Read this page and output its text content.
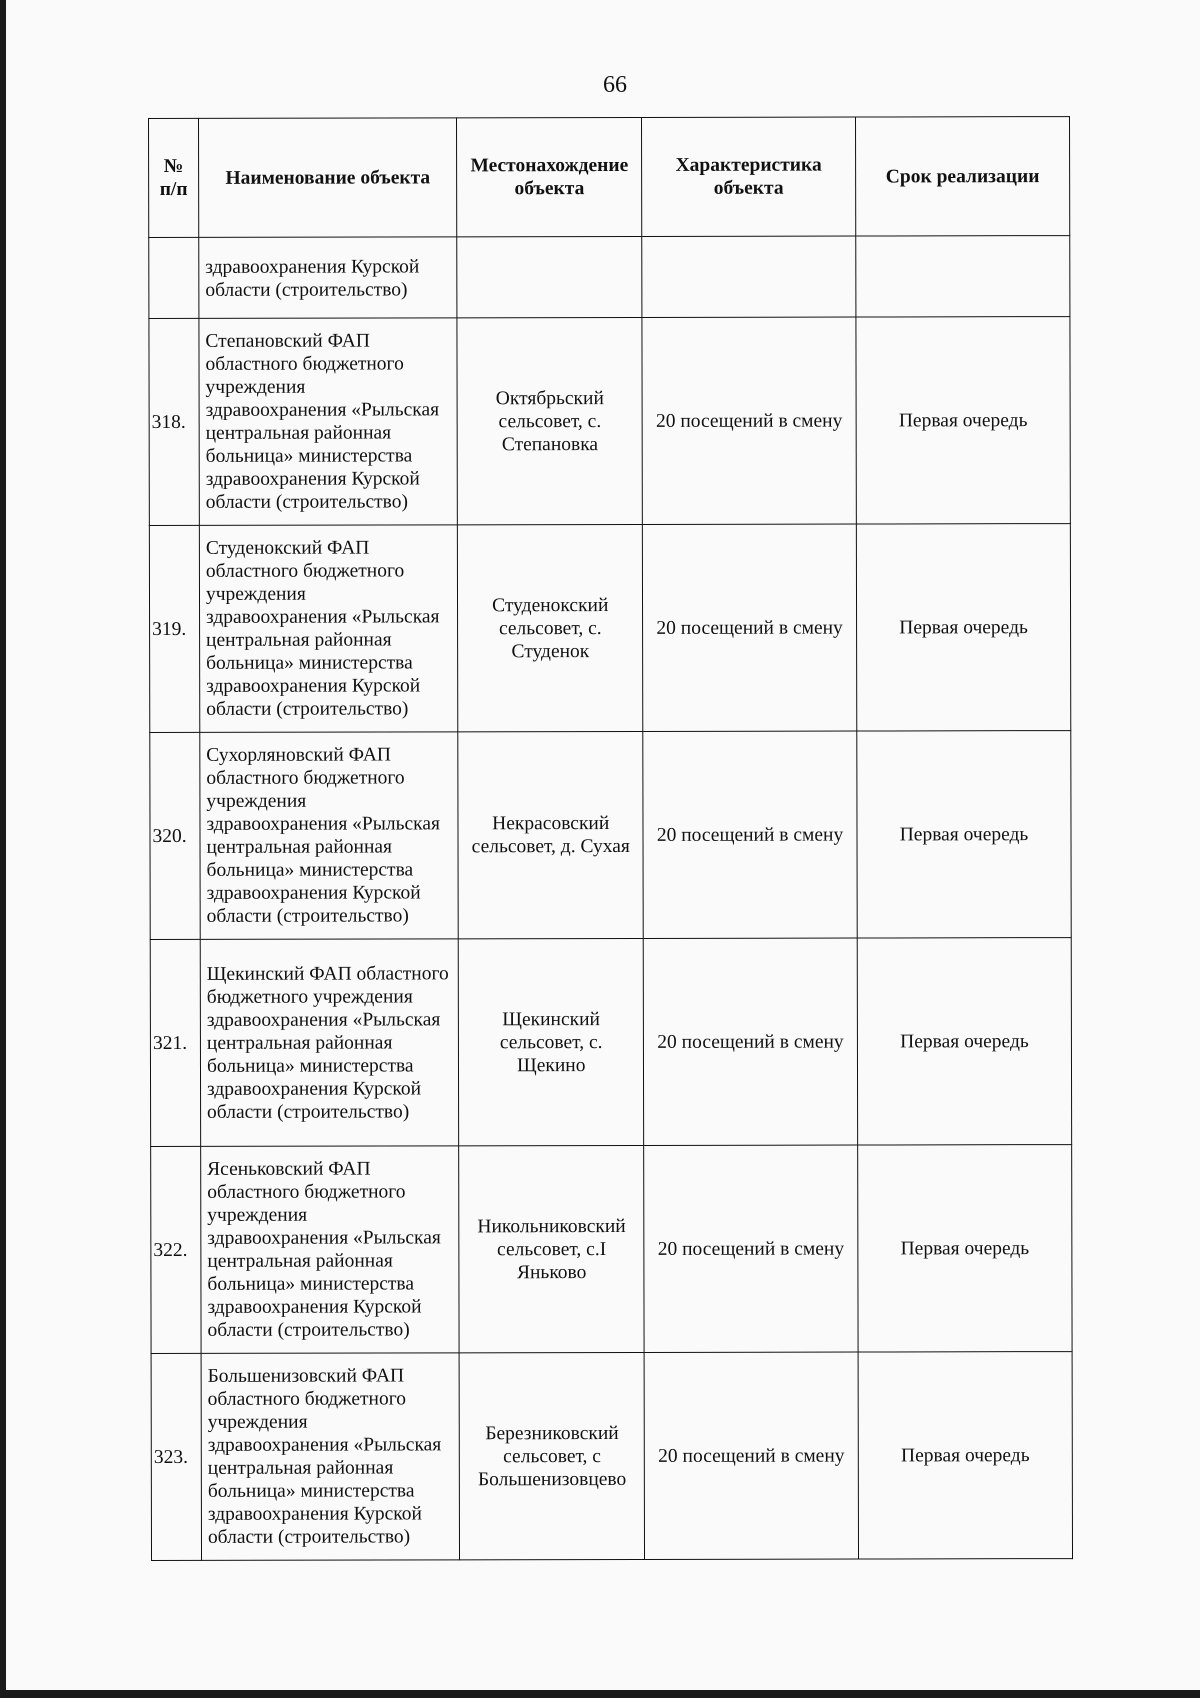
66
№ п/п	Наименование объекта	Местонахождение объекта	Характеристика объекта	Срок реализации
	здравоохранения Курской области (строительство)			
318.	Степановский ФАП областного бюджетного учреждения здравоохранения «Рыльская центральная районная больница» министерства здравоохранения Курской области (строительство)	Октябрьский сельсовет, с. Степановка	20 посещений в смену	Первая очередь
319.	Студенокский ФАП областного бюджетного учреждения здравоохранения «Рыльская центральная районная больница» министерства здравоохранения Курской области (строительство)	Студенокский сельсовет, с. Студенок	20 посещений в смену	Первая очередь
320.	Сухорляновский ФАП областного бюджетного учреждения здравоохранения «Рыльская центральная районная больница» министерства здравоохранения Курской области (строительство)	Некрасовский сельсовет, д. Сухая	20 посещений в смену	Первая очередь
321.	Щекинский ФАП областного бюджетного учреждения здравоохранения «Рыльская центральная районная больница» министерства здравоохранения Курской области (строительство)	Щекинский сельсовет, с. Щекино	20 посещений в смену	Первая очередь
322.	Ясеньковский ФАП областного бюджетного учреждения здравоохранения «Рыльская центральная районная больница» министерства здравоохранения Курской области (строительство)	Никольниковский сельсовет, с.I Яньково	20 посещений в смену	Первая очередь
323.	Большенизовский ФАП областного бюджетного учреждения здравоохранения «Рыльская центральная районная больница» министерства здравоохранения Курской области (строительство)	Березниковский сельсовет, с Большенизовцево	20 посещений в смену	Первая очередь
